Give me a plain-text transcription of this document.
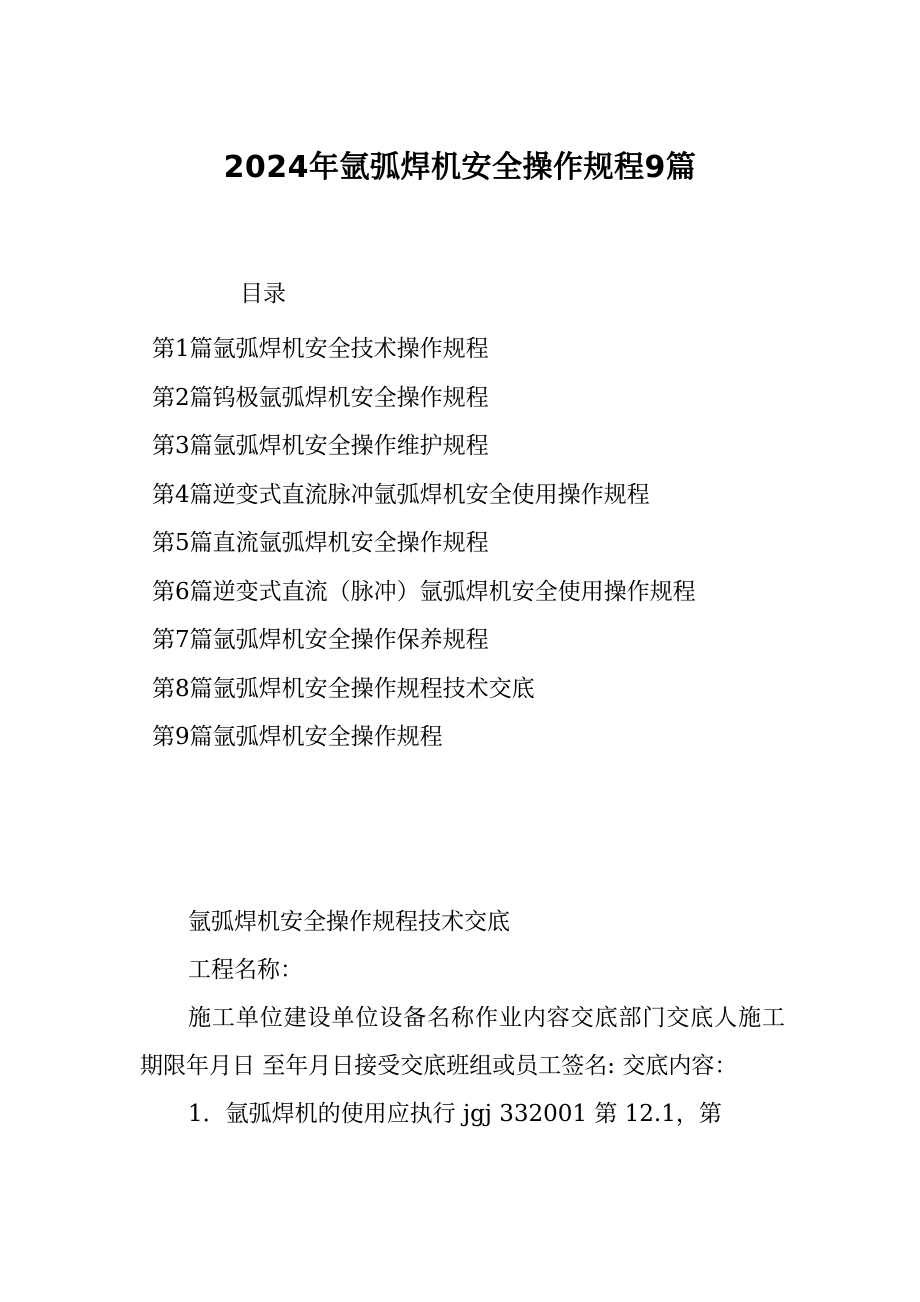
2024年氩弧焊机安全操作规程9篇
目录
第1篇氩弧焊机安全技术操作规程
第2篇钨极氩弧焊机安全操作规程
第3篇氩弧焊机安全操作维护规程
第4篇逆变式直流脉冲氩弧焊机安全使用操作规程
第5篇直流氩弧焊机安全操作规程
第6篇逆变式直流（脉冲）氩弧焊机安全使用操作规程
第7篇氩弧焊机安全操作保养规程
第8篇氩弧焊机安全操作规程技术交底
第9篇氩弧焊机安全操作规程

氩弧焊机安全操作规程技术交底

工程名称：

施工单位建设单位设备名称作业内容交底部门交底人施工期限年月日 至年月日接受交底班组或员工签名: 交底内容：

1．氩弧焊机的使用应执行 jgj 332001 第 12.1，第
